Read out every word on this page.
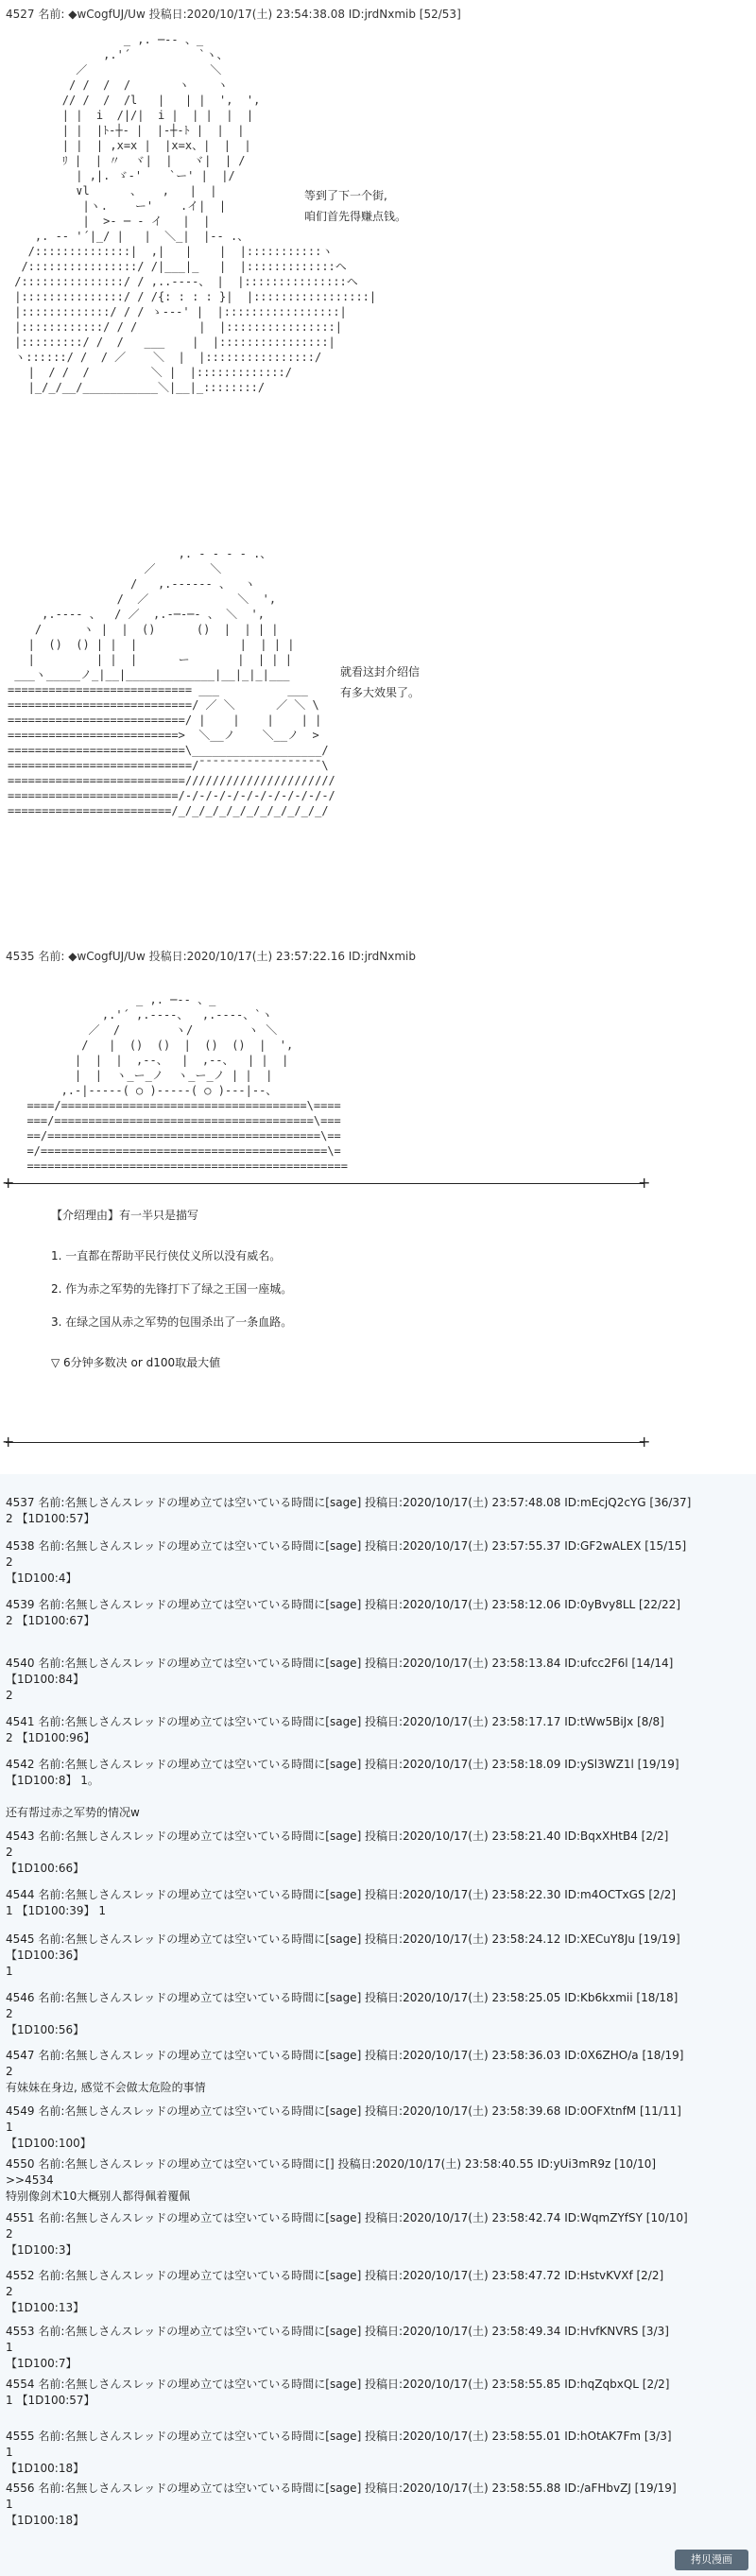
4527 名前: ◆wCogfUJ/Uw 投稿日:2020/10/17(土) 23:54:38.08 ID:jrdNxmib [52/53]
_ ,. ─‐- 、_
,.'´          `ヽ、
／                  ＼
/ /  /  /       ヽ    ヽ
// /  /  /l   |   | |  ',  ',
| |  i  /|/|  i |  | |  |  |
| |  |ﾄ-┼- |  |-┼‐ﾄ |  |  |
| |  | ,x=x |  |x=x、|  |  |
ﾘ |  | 〃  ヾ|  |   ヾ|  | /
| ,|. ゞ-'    `ー' |  |/
∨l      、   ,   |  |
|ヽ.    ー'    .イ|  |
|  >‐ ─ ‐ イ   |  |
,. -‐ '´|_/ |   |  ＼_|  |‐- .、
/::::::::::::::|  ,|   |    |  |:::::::::::ヽ
/::::::::::::::::/ /|___|_   |  |:::::::::::::ヘ
/:::::::::::::::/ / ,..-‐‐-、 |  |:::::::::::::::ヘ
|:::::::::::::::/ / /{: : : : }|  |:::::::::::::::::|
|:::::::::::::/ / / ゝ-‐‐' |  |:::::::::::::::::|
|::::::::::::/ / /         |  |::::::::::::::::|
|:::::::::/ /  /   ___    |  |::::::::::::::::|
ヽ::::::/ /  / ／    ＼  |  |::::::::::::::::/
|  / /  /         ＼ |  |:::::::::::::/
|_/_/__/___________＼|__|_::::::::/
等到了下一个街,
咱们首先得赚点钱。
,. - ‐ ‐ - .、
／        ＼
/   ,.‐‐‐‐‐- 、  ヽ
/  ／             ＼  ',
,.-‐‐- 、  / ／  ,.-─‐─- 、 ＼  ',
/      ヽ |  |  ()      ()  |  | | |
|  ()  () | |  |               |  | | |
|         | |  |      ー       |  | | |
___ヽ_____ノ_|__|_____________|__|_|_|___
=========================== ___          ___
===========================/ ／ ＼      ／ ＼ \
==========================/ |    |    |    | |
=========================>  ＼__ノ    ＼__ノ  >
==========================\___________________/
===========================/¯¯¯¯¯¯¯¯¯¯¯¯¯¯¯¯¯¯\
==========================//////////////////////
=========================/-/-/-/-/-/-/-/-/-/-/-/
========================/_/_/_/_/_/_/_/_/_/_/_/
就看这封介绍信
有多大效果了。
4535 名前: ◆wCogfUJ/Uw 投稿日:2020/10/17(土) 23:57:22.16 ID:jrdNxmib
_ ,. ─‐- 、_
,.'´ ,.-‐‐-、  ,.-‐‐-、`ヽ
／  /        ヽ/        ヽ ＼
/   |  ()  ()  |  ()  ()  |  ',
|  |  |  ,‐‐、  |  ,‐‐、  | |  |
|  |  ヽ_ー_ノ  ヽ_ー_ノ | |  |
,.-|‐‐‐‐-( ○ )‐‐‐‐‐( ○ )‐‐‐|‐-、
====/====================================\====
===/======================================\===
==/========================================\==
=/==========================================\=
===============================================
+	+
【介绍理由】有一半只是描写
1. 一直都在帮助平民行侠仗义所以没有威名。
2. 作为赤之军势的先锋打下了绿之王国一座城。
3. 在绿之国从赤之军势的包围杀出了一条血路。
▽ 6分钟多数决 or d100取最大値
+	+
4537 名前:名無しさんスレッドの埋め立ては空いている時間に[sage] 投稿日:2020/10/17(土) 23:57:48.08 ID:mEcjQ2cYG [36/37]
2 【1D100:57】
4538 名前:名無しさんスレッドの埋め立ては空いている時間に[sage] 投稿日:2020/10/17(土) 23:57:55.37 ID:GF2wALEX [15/15]
2
【1D100:4】
4539 名前:名無しさんスレッドの埋め立ては空いている時間に[sage] 投稿日:2020/10/17(土) 23:58:12.06 ID:0yBvy8LL [22/22]
2 【1D100:67】
4540 名前:名無しさんスレッドの埋め立ては空いている時間に[sage] 投稿日:2020/10/17(土) 23:58:13.84 ID:ufcc2F6l [14/14]
【1D100:84】
2
4541 名前:名無しさんスレッドの埋め立ては空いている時間に[sage] 投稿日:2020/10/17(土) 23:58:17.17 ID:tWw5BiJx [8/8]
2 【1D100:96】
4542 名前:名無しさんスレッドの埋め立ては空いている時間に[sage] 投稿日:2020/10/17(土) 23:58:18.09 ID:ySl3WZ1l [19/19]
【1D100:8】 1。
还有帮过赤之军势的情况w
4543 名前:名無しさんスレッドの埋め立ては空いている時間に[sage] 投稿日:2020/10/17(土) 23:58:21.40 ID:BqxXHtB4 [2/2]
2
【1D100:66】
4544 名前:名無しさんスレッドの埋め立ては空いている時間に[sage] 投稿日:2020/10/17(土) 23:58:22.30 ID:m4OCTxGS [2/2]
1 【1D100:39】 1
4545 名前:名無しさんスレッドの埋め立ては空いている時間に[sage] 投稿日:2020/10/17(土) 23:58:24.12 ID:XECuY8Ju [19/19]
【1D100:36】
1
4546 名前:名無しさんスレッドの埋め立ては空いている時間に[sage] 投稿日:2020/10/17(土) 23:58:25.05 ID:Kb6kxmii [18/18]
2
【1D100:56】
4547 名前:名無しさんスレッドの埋め立ては空いている時間に[sage] 投稿日:2020/10/17(土) 23:58:36.03 ID:0X6ZHO/a [18/19]
2
有妹妹在身边, 感觉不会做太危险的事情
4549 名前:名無しさんスレッドの埋め立ては空いている時間に[sage] 投稿日:2020/10/17(土) 23:58:39.68 ID:0OFXtnfM [11/11]
1
【1D100:100】
4550 名前:名無しさんスレッドの埋め立ては空いている時間に[] 投稿日:2020/10/17(土) 23:58:40.55 ID:yUi3mR9z [10/10]
>>4534
特别像剑术10大概别人都得佩着覆佩
4551 名前:名無しさんスレッドの埋め立ては空いている時間に[sage] 投稿日:2020/10/17(土) 23:58:42.74 ID:WqmZYfSY [10/10]
2
【1D100:3】
4552 名前:名無しさんスレッドの埋め立ては空いている時間に[sage] 投稿日:2020/10/17(土) 23:58:47.72 ID:HstvKVXf [2/2]
2
【1D100:13】
4553 名前:名無しさんスレッドの埋め立ては空いている時間に[sage] 投稿日:2020/10/17(土) 23:58:49.34 ID:HvfKNVRS [3/3]
1
【1D100:7】
4554 名前:名無しさんスレッドの埋め立ては空いている時間に[sage] 投稿日:2020/10/17(土) 23:58:55.85 ID:hqZqbxQL [2/2]
1 【1D100:57】
4555 名前:名無しさんスレッドの埋め立ては空いている時間に[sage] 投稿日:2020/10/17(土) 23:58:55.01 ID:hOtAK7Fm [3/3]
1
【1D100:18】
4556 名前:名無しさんスレッドの埋め立ては空いている時間に[sage] 投稿日:2020/10/17(土) 23:58:55.88 ID:/aFHbvZJ [19/19]
1
【1D100:18】
拷贝漫画
